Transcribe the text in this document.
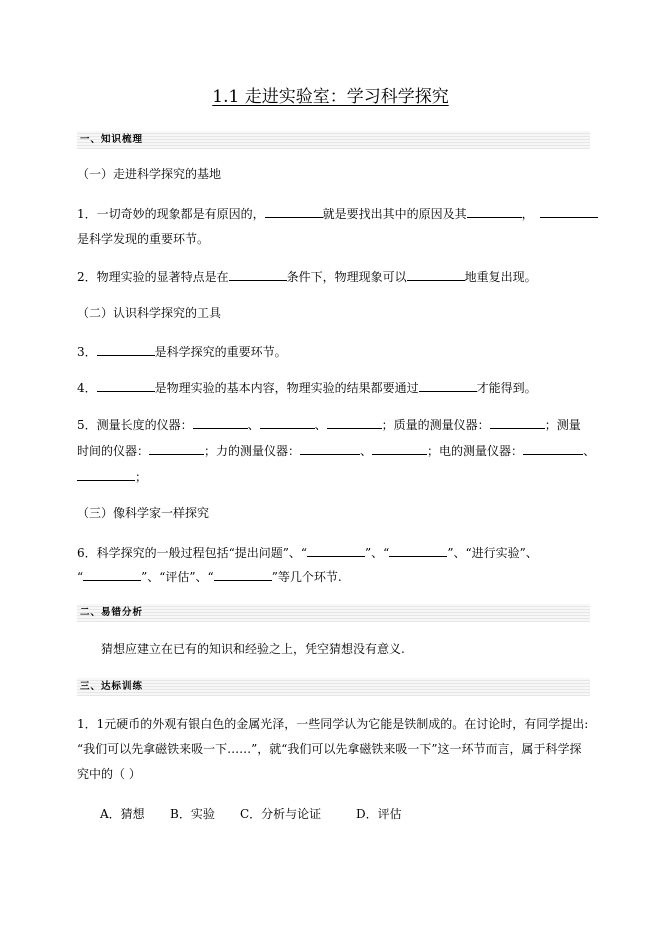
1.1 走进实验室：学习科学探究
一、知识梳理
（一）走进科学探究的基地
1．一切奇妙的现象都是有原因的，	就是要找出其中的原因及其	，
是科学发现的重要环节。
2．物理实验的显著特点是在	条件下，物理现象可以	地重复出现。
（二）认识科学探究的工具
3．	是科学探究的重要环节。
4．	是物理实验的基本内容，物理实验的结果都要通过	才能得到。
5．测量长度的仪器：	、	、	；质量的测量仪器：	；测量
时间的仪器：	；力的测量仪器：	、	；电的测量仪器：	、
；
（三）像科学家一样探究
6．科学探究的一般过程包括“提出问题”、“	”、“	”、“进行实验”、
“	”、“评估”、“	”等几个环节.
二、易错分析
猜想应建立在已有的知识和经验之上，凭空猜想没有意义.
三、达标训练
1．1元硬币的外观有银白色的金属光泽，一些同学认为它能是铁制成的。在讨论时，有同学提出:
“我们可以先拿磁铁来吸一下……”，就“我们可以先拿磁铁来吸一下”这一环节而言，属于科学探
究中的（ ）
A．猜想 B．实验 C．分析与论证	D．评估
